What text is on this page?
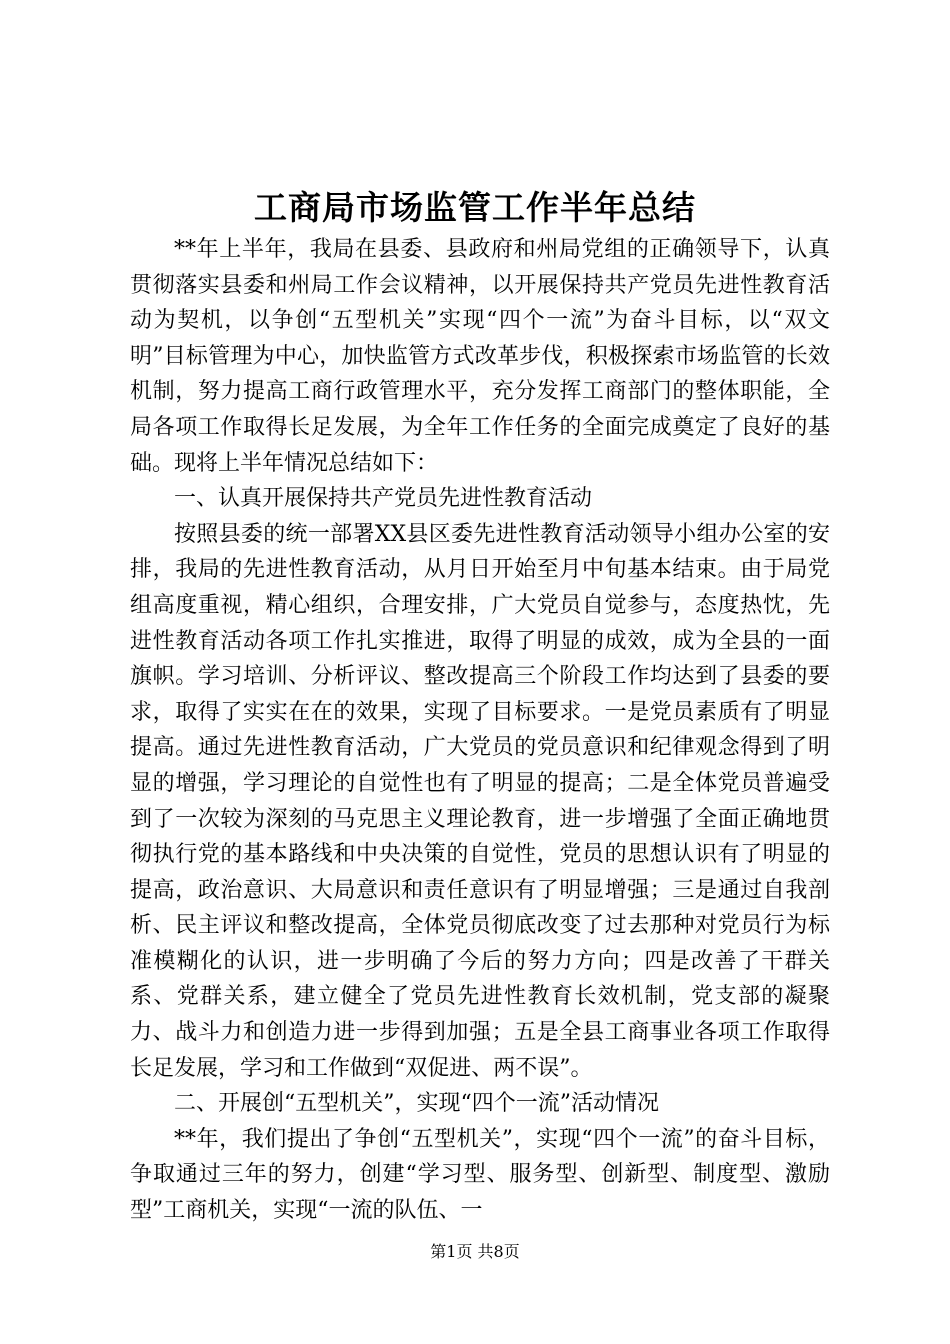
工商局市场监管工作半年总结

**年上半年，我局在县委、县政府和州局党组的正确领导下，认真贯彻落实县委和州局工作会议精神，以开展保持共产党员先进性教育活动为契机，以争创“五型机关”实现“四个一流”为奋斗目标，以“双文明”目标管理为中心，加快监管方式改革步伐，积极探索市场监管的长效机制，努力提高工商行政管理水平，充分发挥工商部门的整体职能，全局各项工作取得长足发展，为全年工作任务的全面完成奠定了良好的基础。现将上半年情况总结如下：

一、认真开展保持共产党员先进性教育活动

按照县委的统一部署XX县区委先进性教育活动领导小组办公室的安排，我局的先进性教育活动，从月日开始至月中旬基本结束。由于局党组高度重视，精心组织，合理安排，广大党员自觉参与，态度热忱，先进性教育活动各项工作扎实推进，取得了明显的成效，成为全县的一面旗帜。学习培训、分析评议、整改提高三个阶段工作均达到了县委的要求，取得了实实在在的效果，实现了目标要求。一是党员素质有了明显提高。通过先进性教育活动，广大党员的党员意识和纪律观念得到了明显的增强，学习理论的自觉性也有了明显的提高；二是全体党员普遍受到了一次较为深刻的马克思主义理论教育，进一步增强了全面正确地贯彻执行党的基本路线和中央决策的自觉性，党员的思想认识有了明显的提高，政治意识、大局意识和责任意识有了明显增强；三是通过自我剖析、民主评议和整改提高，全体党员彻底改变了过去那种对党员行为标准模糊化的认识，进一步明确了今后的努力方向；四是改善了干群关系、党群关系，建立健全了党员先进性教育长效机制，党支部的凝聚力、战斗力和创造力进一步得到加强；五是全县工商事业各项工作取得长足发展，学习和工作做到“双促进、两不误”。

二、开展创“五型机关”，实现“四个一流”活动情况

**年，我们提出了争创“五型机关”，实现“四个一流”的奋斗目标，争取通过三年的努力，创建“学习型、服务型、创新型、制度型、激励型”工商机关，实现“一流的队伍、一

第1页 共8页
